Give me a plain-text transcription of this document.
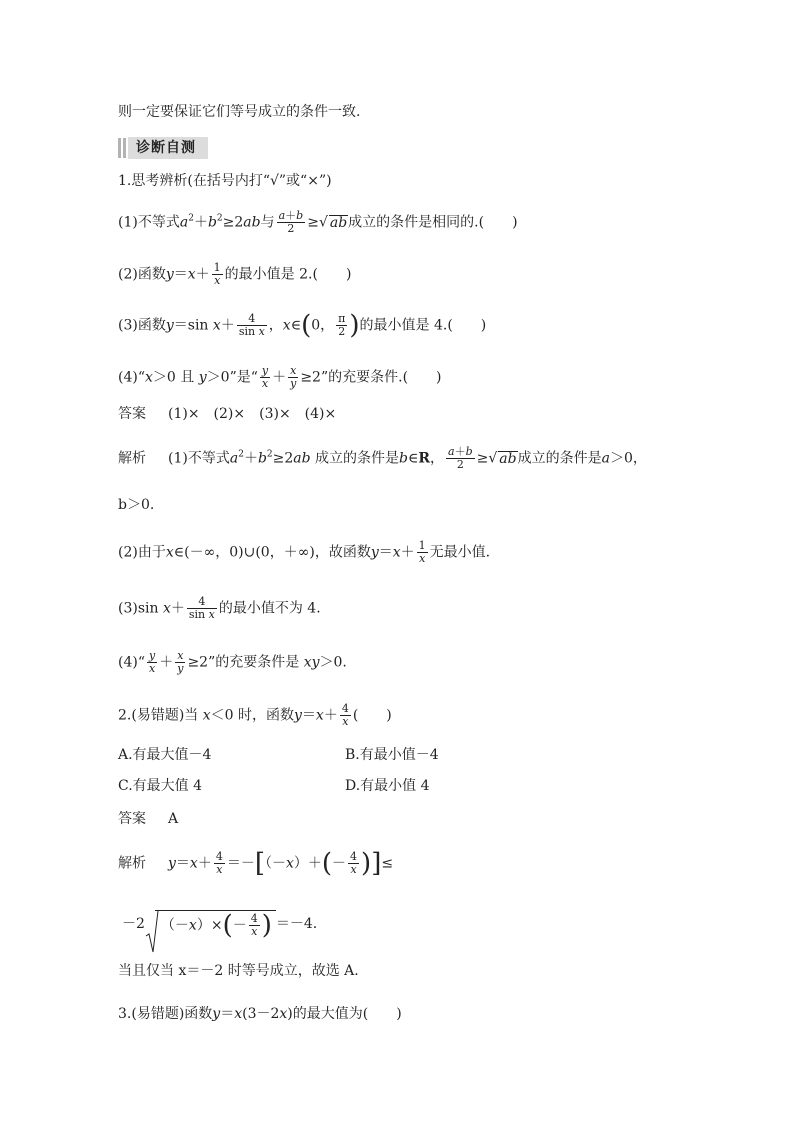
则一定要保证它们等号成立的条件一致.
诊断自测
1.思考辨析(在括号内打“√”或“×”)
(1)不等式$a^2+b^2\ge 2ab$与 $\frac{a+b}{2}$ ≥√ ab成立的条件是相同的.(　　)
(2)函数$y=x+ \frac{1}{x}$ 的最小值是 2.(　　)
(3)函数y＝sin $x+ \frac{4}{\text{sin x}}$ ，x∈(0， $\frac{\pi}{2}$ )的最小值是 4.(　　)
(4)“x＞0 且 y＞0”是“ $\frac{y}{x} + \frac{x}{y} \ge 2$”的充要条件.(　　)
答案 (1)×　(2)×　(3)×　(4)×
解析 (1)不等式$a^2+b^2\ge 2ab$ 成立的条件是b∈R， $\frac{a+b}{2}$ ≥√ ab成立的条件是a＞0，
b＞0.
(2)由于x∈(－∞，0)∪(0，＋∞)，故函数$y=x+ \frac{1}{x}$ 无最小值.
(3)sin $x+ \frac{4}{\text{sin x}}$ 的最小值不为 4.
(4)“ $\frac{y}{x} + \frac{x}{y} \ge 2$”的充要条件是 xy＞0.
2.(易错题)当 x＜0 时，函数$y=x+ \frac{4}{x}$ (　　)
A.有最大值－4	B.有最小值－4
C.有最大值 4	D.有最小值 4
答案 A
解析 $y=x+ \frac{4}{x} =-[(-x)+(- \frac{4}{x}$ )]≤
－2 $(-x)\times(- \frac{4}{x}$ ) ＝－4.
当且仅当 x＝－2 时等号成立，故选 A.
3.(易错题)函数y＝x(3－2x)的最大值为(　　)
